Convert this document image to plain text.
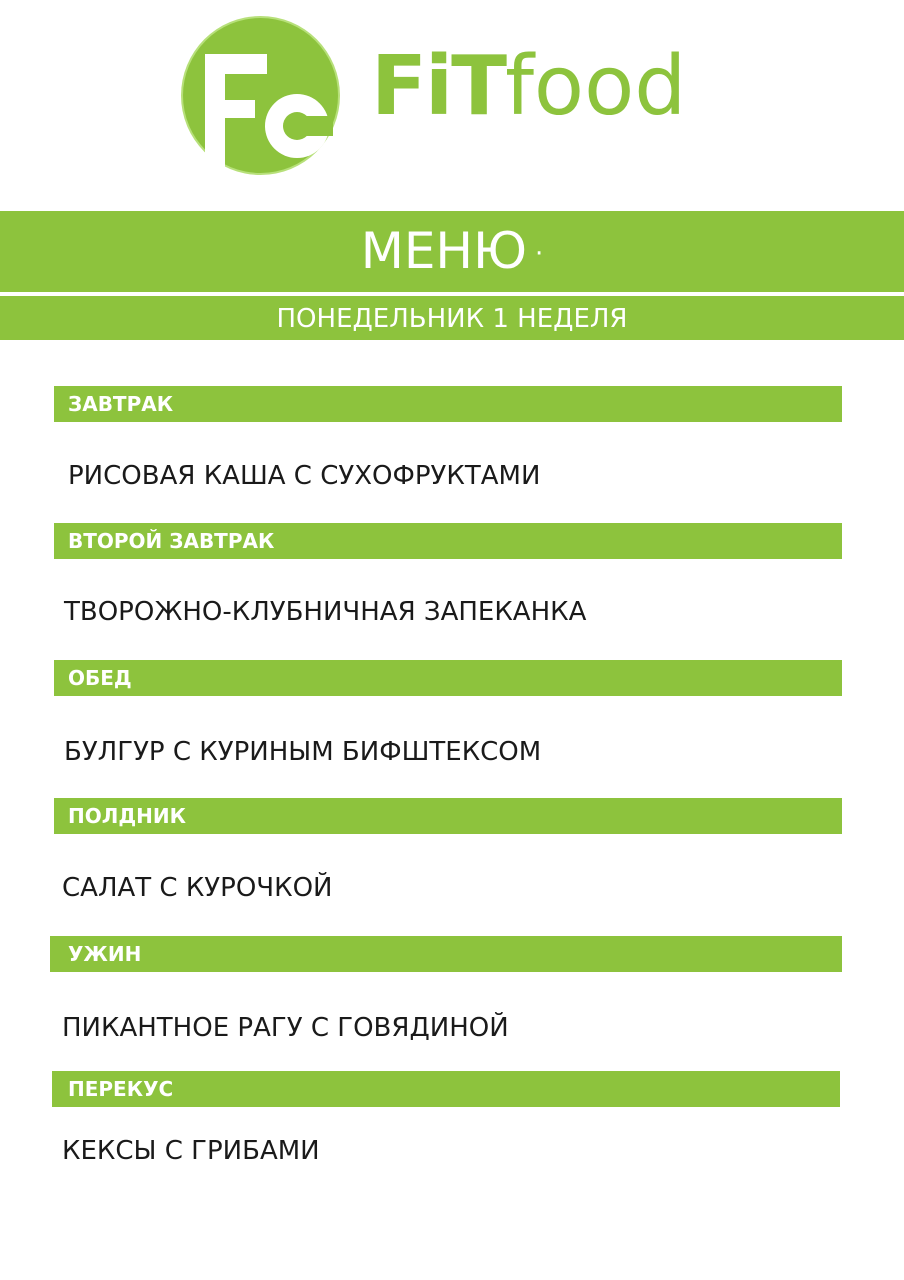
FiTfood
МЕНЮ ·
ПОНЕДЕЛЬНИК 1 НЕДЕЛЯ
ЗАВТРАК
РИСОВАЯ КАША С СУХОФРУКТАМИ
ВТОРОЙ ЗАВТРАК
ТВОРОЖНО-КЛУБНИЧНАЯ ЗАПЕКАНКА
ОБЕД
БУЛГУР С КУРИНЫМ БИФШТЕКСОМ
ПОЛДНИК
САЛАТ С КУРОЧКОЙ
УЖИН
ПИКАНТНОЕ РАГУ С ГОВЯДИНОЙ
ПЕРЕКУС
КЕКСЫ С ГРИБАМИ
